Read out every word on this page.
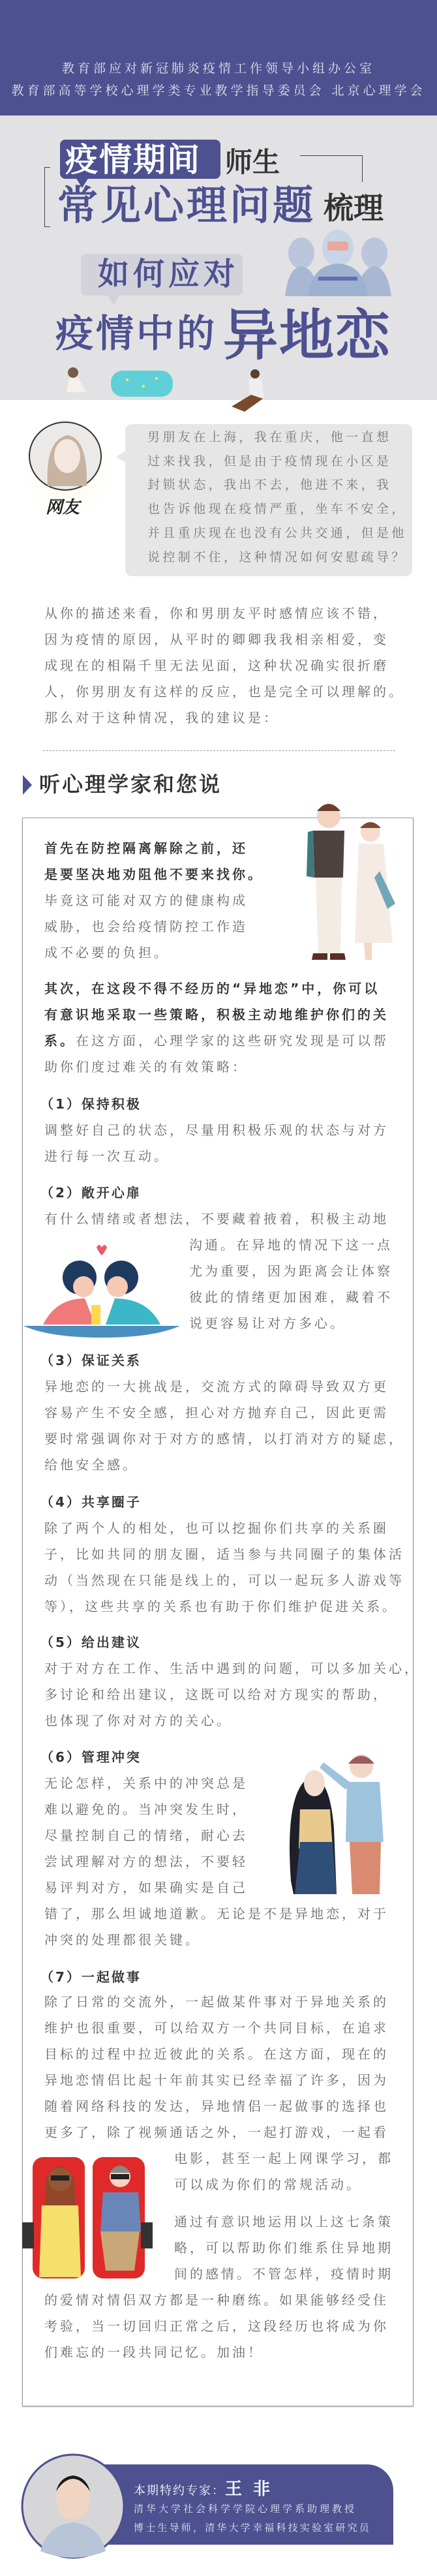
教育部应对新冠肺炎疫情工作领导小组办公室
教育部高等学校心理学类专业教学指导委员会 北京心理学会
疫情期间 师生
常见心理问题 梳理
如何应对
疫情中的 异地恋
网友
男朋友在上海，我在重庆，他一直想
过来找我，但是由于疫情现在小区是
封锁状态，我出不去，他进不来，我
也告诉他现在疫情严重，坐车不安全，
并且重庆现在也没有公共交通，但是他
说控制不住，这种情况如何安慰疏导？
从你的描述来看，你和男朋友平时感情应该不错，
因为疫情的原因，从平时的卿卿我我相亲相爱，变
成现在的相隔千里无法见面，这种状况确实很折磨
人，你男朋友有这样的反应，也是完全可以理解的。
那么对于这种情况，我的建议是：
听心理学家和您说
首先在防控隔离解除之前，还
是要坚决地劝阻他不要来找你。
毕竟这可能对双方的健康构成
威胁，也会给疫情防控工作造
成不必要的负担。
其次，在这段不得不经历的“异地恋”中，你可以
有意识地采取一些策略，积极主动地维护你们的关
系。在这方面，心理学家的这些研究发现是可以帮
助你们度过难关的有效策略：
（1）保持积极
调整好自己的状态，尽量用积极乐观的状态与对方
进行每一次互动。
（2）敞开心扉
有什么情绪或者想法，不要藏着掖着，积极主动地
沟通。在异地的情况下这一点
尤为重要，因为距离会让体察
彼此的情绪更加困难，藏着不
说更容易让对方多心。
（3）保证关系
异地恋的一大挑战是，交流方式的障碍导致双方更
容易产生不安全感，担心对方抛弃自己，因此更需
要时常强调你对于对方的感情，以打消对方的疑虑，
给他安全感。
（4）共享圈子
除了两个人的相处，也可以挖掘你们共享的关系圈
子，比如共同的朋友圈，适当参与共同圈子的集体活
动（当然现在只能是线上的，可以一起玩多人游戏等
等），这些共享的关系也有助于你们维护促进关系。
（5）给出建议
对于对方在工作、生活中遇到的问题，可以多加关心，
多讨论和给出建议，这既可以给对方现实的帮助，
也体现了你对对方的关心。
（6）管理冲突
无论怎样，关系中的冲突总是
难以避免的。当冲突发生时，
尽量控制自己的情绪，耐心去
尝试理解对方的想法，不要轻
易评判对方，如果确实是自己
错了，那么坦诚地道歉。无论是不是异地恋，对于
冲突的处理都很关键。
（7）一起做事
除了日常的交流外，一起做某件事对于异地关系的
维护也很重要，可以给双方一个共同目标，在追求
目标的过程中拉近彼此的关系。在这方面，现在的
异地恋情侣比起十年前其实已经幸福了许多，因为
随着网络科技的发达，异地情侣一起做事的选择也
更多了，除了视频通话之外，一起打游戏，一起看
电影，甚至一起上网课学习，都
可以成为你们的常规活动。
通过有意识地运用以上这七条策
略，可以帮助你们维系住异地期
间的感情。不管怎样，疫情时期
的爱情对情侣双方都是一种磨练。如果能够经受住
考验，当一切回归正常之后，这段经历也将成为你
们难忘的一段共同记忆。加油！
本期特约专家：王 非
清华大学社会科学学院心理学系助理教授
博士生导师，清华大学幸福科技实验室研究员
